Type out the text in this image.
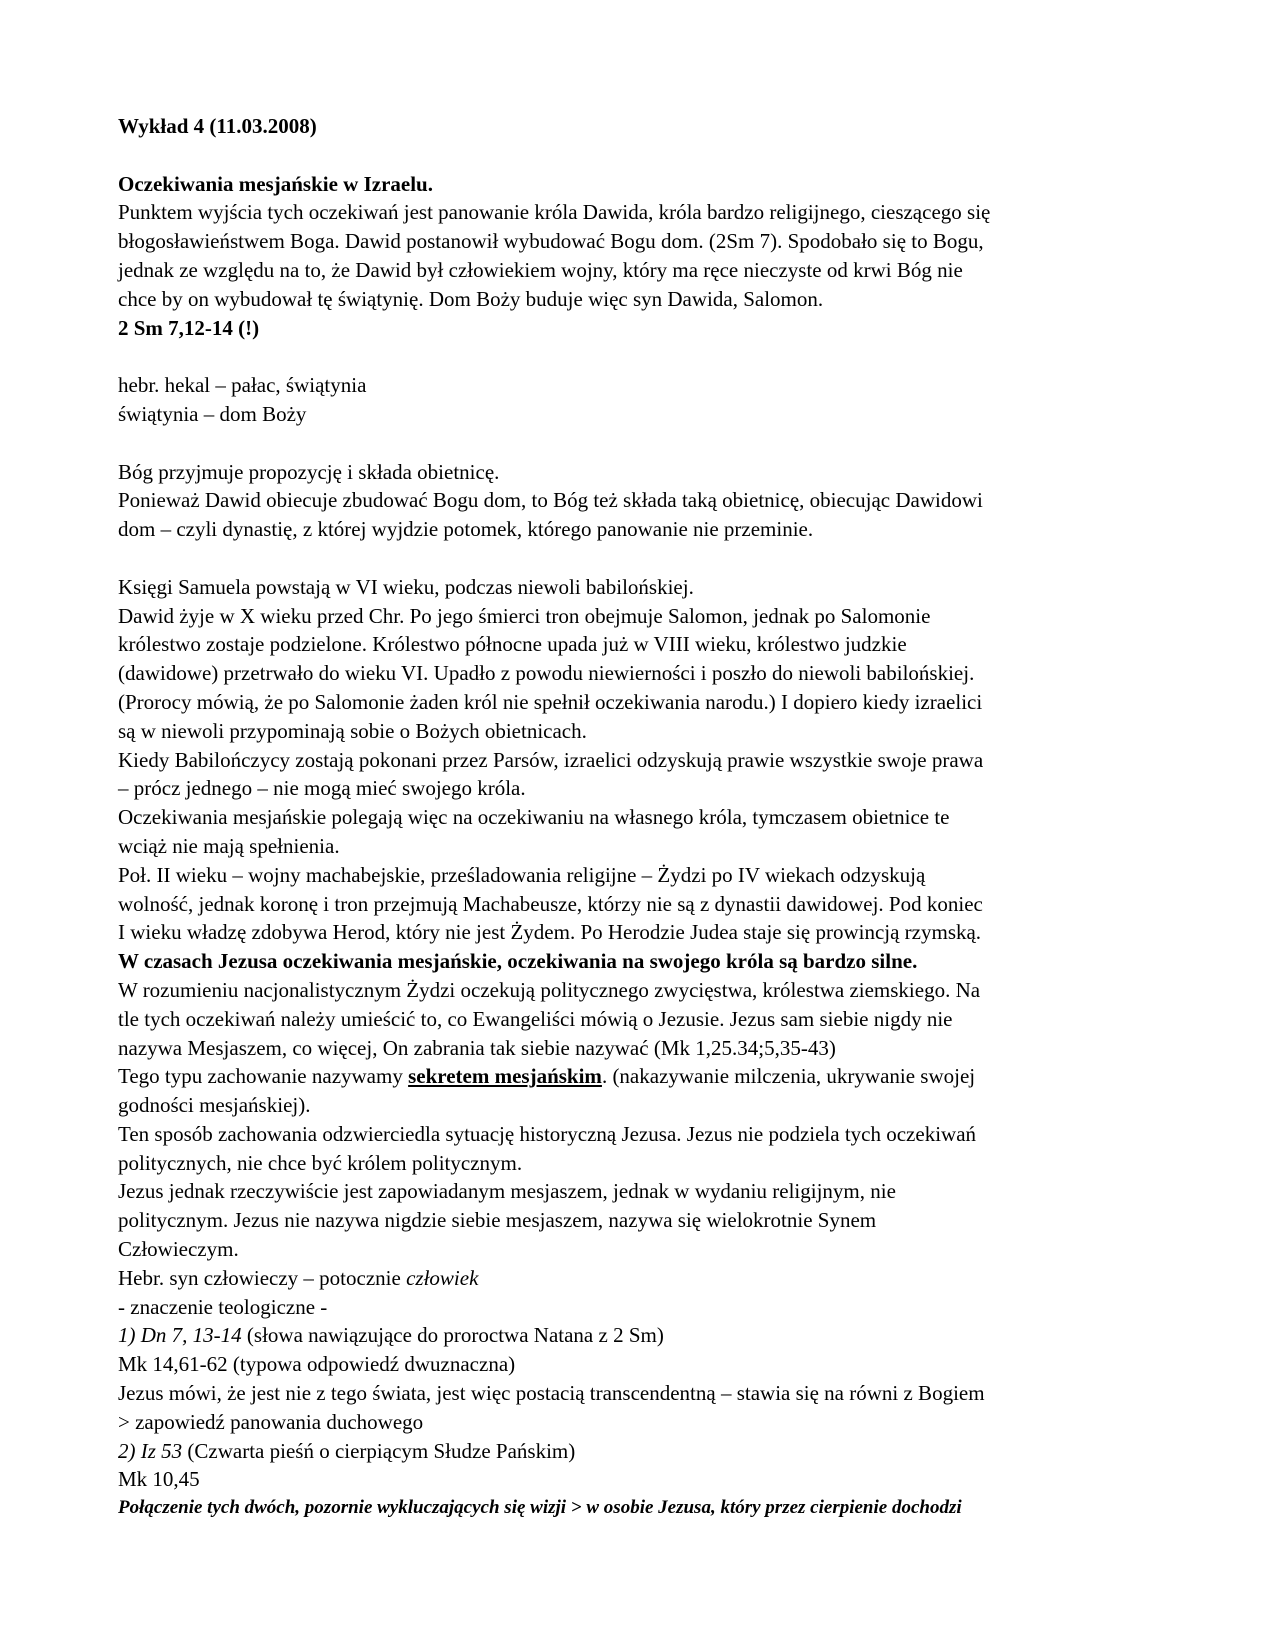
Wykład 4 (11.03.2008)
Oczekiwania mesjańskie w Izraelu.
Punktem wyjścia tych oczekiwań jest panowanie króla Dawida, króla bardzo religijnego, cieszącego się
błogosławieństwem Boga. Dawid postanowił wybudować Bogu dom. (2Sm 7). Spodobało się to Bogu,
jednak ze względu na to, że Dawid był człowiekiem wojny, który ma ręce nieczyste od krwi Bóg nie
chce by on wybudował tę świątynię. Dom Boży buduje więc syn Dawida, Salomon.
2 Sm 7,12-14 (!)
hebr. hekal – pałac, świątynia
świątynia – dom Boży
Bóg przyjmuje propozycję i składa obietnicę.
Ponieważ Dawid obiecuje zbudować Bogu dom, to Bóg też składa taką obietnicę, obiecując Dawidowi
dom – czyli dynastię, z której wyjdzie potomek, którego panowanie nie przeminie.
Księgi Samuela powstają w VI wieku, podczas niewoli babilońskiej.
Dawid żyje w X wieku przed Chr. Po jego śmierci tron obejmuje Salomon, jednak po Salomonie
królestwo zostaje podzielone. Królestwo północne upada już w VIII wieku, królestwo judzkie
(dawidowe) przetrwało do wieku VI. Upadło z powodu niewierności i poszło do niewoli babilońskiej.
(Prorocy mówią, że po Salomonie żaden król nie spełnił oczekiwania narodu.) I dopiero kiedy izraelici
są w niewoli przypominają sobie o Bożych obietnicach.
Kiedy Babilończycy zostają pokonani przez Parsów, izraelici odzyskują prawie wszystkie swoje prawa
– prócz jednego – nie mogą mieć swojego króla.
Oczekiwania mesjańskie polegają więc na oczekiwaniu na własnego króla, tymczasem obietnice te
wciąż nie mają spełnienia.
Poł. II wieku – wojny machabejskie, prześladowania religijne – Żydzi po IV wiekach odzyskują
wolność, jednak koronę i tron przejmują Machabeusze, którzy nie są z dynastii dawidowej. Pod koniec
I wieku władzę zdobywa Herod, który nie jest Żydem. Po Herodzie Judea staje się prowincją rzymską.
W czasach Jezusa oczekiwania mesjańskie, oczekiwania na swojego króla są bardzo silne.
W rozumieniu nacjonalistycznym Żydzi oczekują politycznego zwycięstwa, królestwa ziemskiego. Na
tle tych oczekiwań należy umieścić to, co Ewangeliści mówią o Jezusie. Jezus sam siebie nigdy nie
nazywa Mesjaszem, co więcej, On zabrania tak siebie nazywać (Mk 1,25.34;5,35-43)
Tego typu zachowanie nazywamy sekretem mesjańskim. (nakazywanie milczenia, ukrywanie swojej
godności mesjańskiej).
Ten sposób zachowania odzwierciedla sytuację historyczną Jezusa. Jezus nie podziela tych oczekiwań
politycznych, nie chce być królem politycznym.
Jezus jednak rzeczywiście jest zapowiadanym mesjaszem, jednak w wydaniu religijnym, nie
politycznym. Jezus nie nazywa nigdzie siebie mesjaszem, nazywa się wielokrotnie Synem
Człowieczym.
Hebr. syn człowieczy – potocznie człowiek
- znaczenie teologiczne -
1) Dn 7, 13-14 (słowa nawiązujące do proroctwa Natana z 2 Sm)
Mk 14,61-62 (typowa odpowiedź dwuznaczna)
Jezus mówi, że jest nie z tego świata, jest więc postacią transcendentną – stawia się na równi z Bogiem
> zapowiedź panowania duchowego
2) Iz 53 (Czwarta pieśń o cierpiącym Słudze Pańskim)
Mk 10,45
Połączenie tych dwóch, pozornie wykluczających się wizji > w osobie Jezusa, który przez cierpienie dochodzi
